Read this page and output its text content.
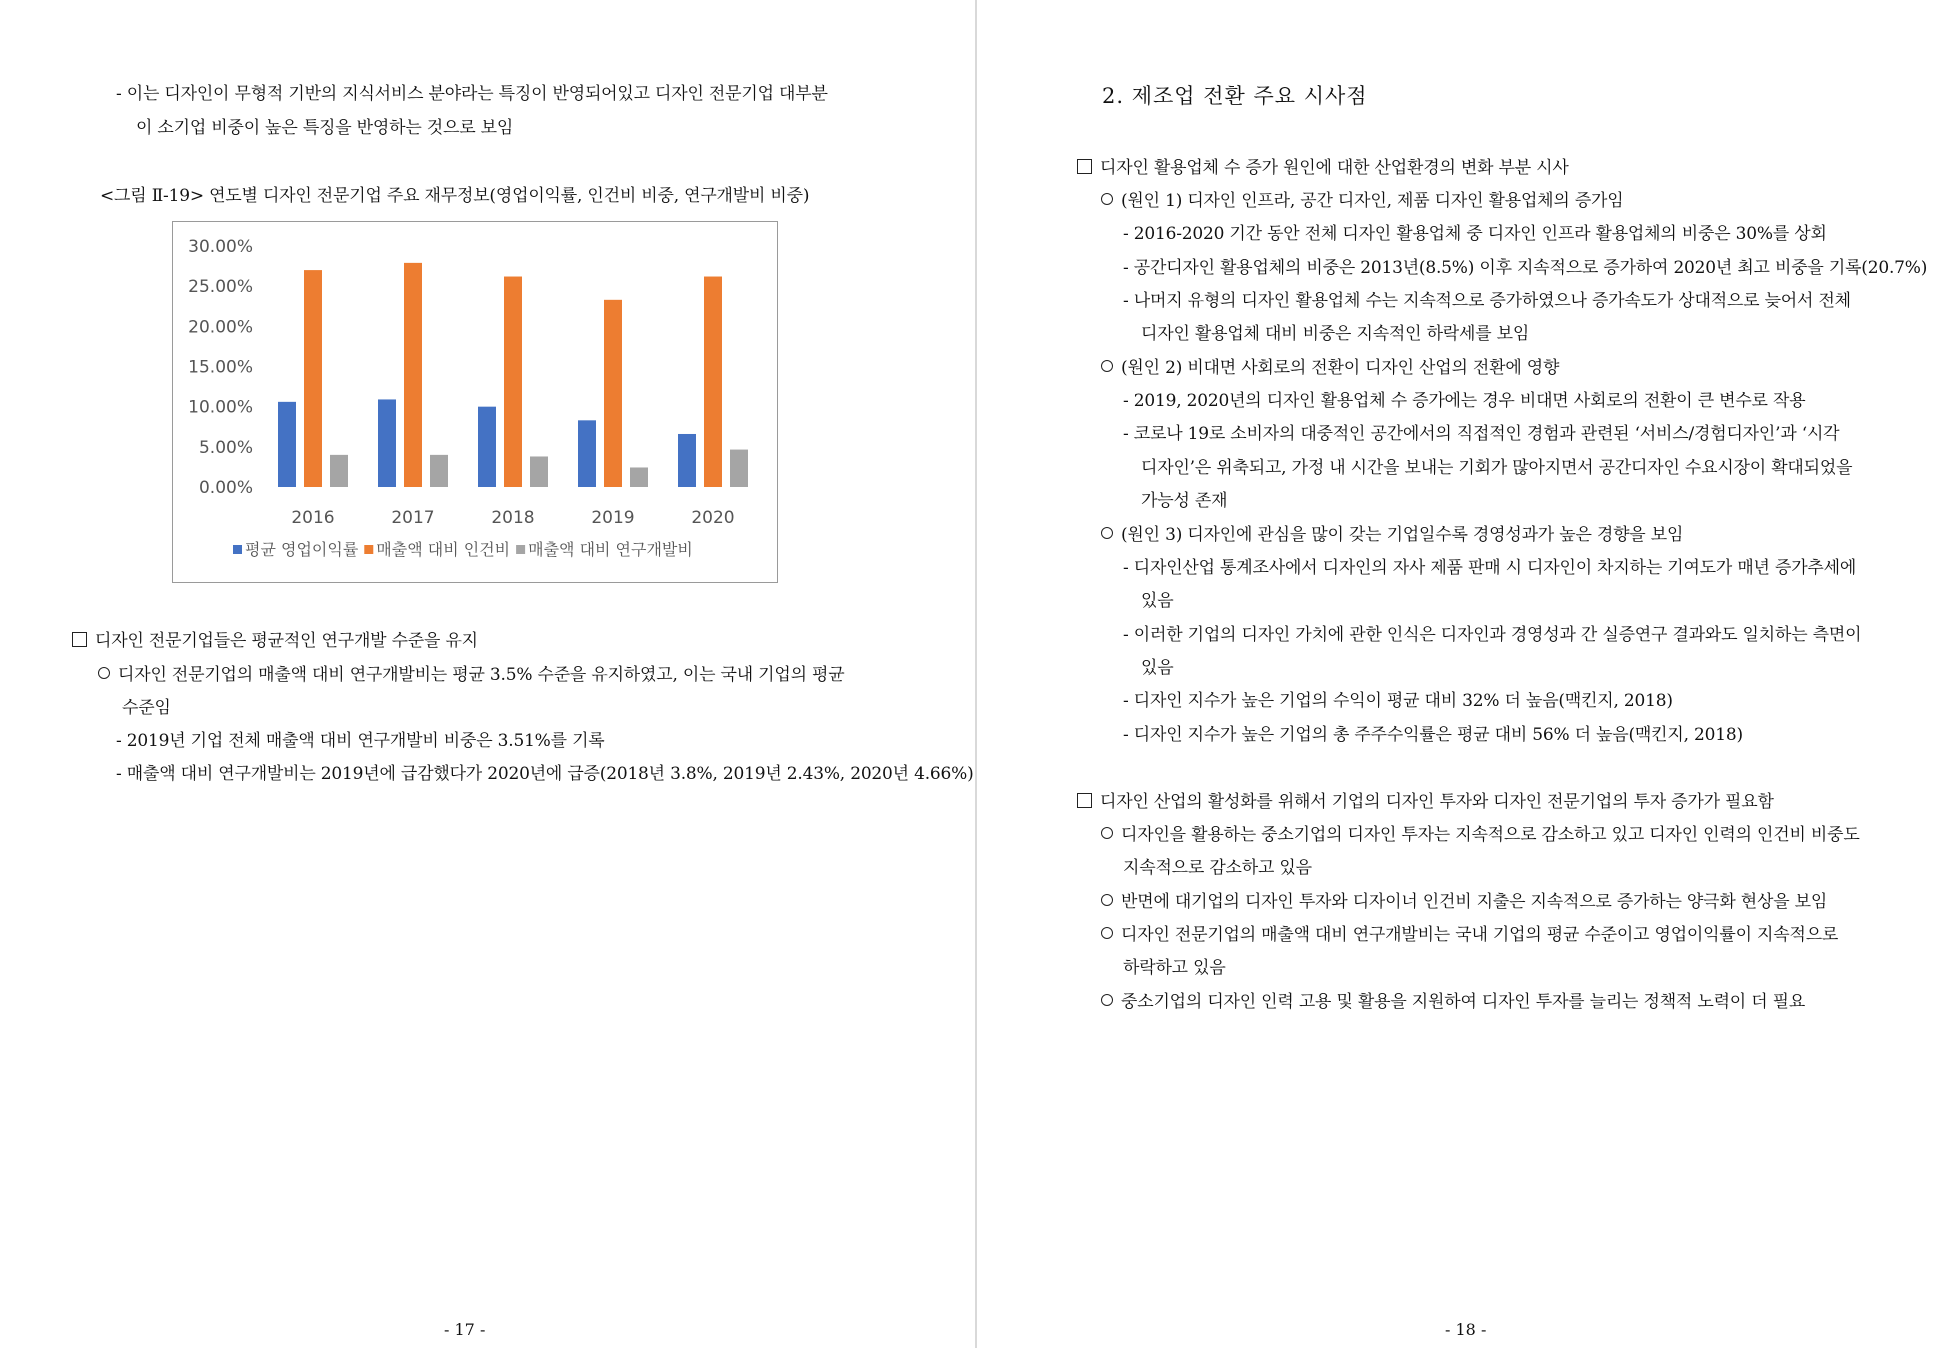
- 이는 디자인이 무형적 기반의 지식서비스 분야라는 특징이 반영되어있고 디자인 전문기업 대부분
이 소기업 비중이 높은 특징을 반영하는 것으로 보임
<그림 Ⅱ-19> 연도별 디자인 전문기업 주요 재무정보(영업이익률, 인건비 비중, 연구개발비 비중)
0.00%
5.00%
10.00%
15.00%
20.00%
25.00%
30.00%
2016	2017	2018	2019	2020
평균 영업이익률 매출액 대비 인건비 매출액 대비 연구개발비
디자인 전문기업들은 평균적인 연구개발 수준을 유지
디자인 전문기업의 매출액 대비 연구개발비는 평균 3.5% 수준을 유지하였고, 이는 국내 기업의 평균
수준임
- 2019년 기업 전체 매출액 대비 연구개발비 비중은 3.51%를 기록
- 매출액 대비 연구개발비는 2019년에 급감했다가 2020년에 급증(2018년 3.8%, 2019년 2.43%, 2020년 4.66%)
- 17 -
2. 제조업 전환 주요 시사점
디자인 활용업체 수 증가 원인에 대한 산업환경의 변화 부분 시사
(원인 1) 디자인 인프라, 공간 디자인, 제품 디자인 활용업체의 증가임
- 2016-2020 기간 동안 전체 디자인 활용업체 중 디자인 인프라 활용업체의 비중은 30%를 상회
- 공간디자인 활용업체의 비중은 2013년(8.5%) 이후 지속적으로 증가하여 2020년 최고 비중을 기록(20.7%)
- 나머지 유형의 디자인 활용업체 수는 지속적으로 증가하였으나 증가속도가 상대적으로 늦어서 전체
디자인 활용업체 대비 비중은 지속적인 하락세를 보임
(원인 2) 비대면 사회로의 전환이 디자인 산업의 전환에 영향
- 2019, 2020년의 디자인 활용업체 수 증가에는 경우 비대면 사회로의 전환이 큰 변수로 작용
- 코로나 19로 소비자의 대중적인 공간에서의 직접적인 경험과 관련된 ‘서비스/경험디자인’과 ‘시각
디자인’은 위축되고, 가정 내 시간을 보내는 기회가 많아지면서 공간디자인 수요시장이 확대되었을
가능성 존재
(원인 3) 디자인에 관심을 많이 갖는 기업일수록 경영성과가 높은 경향을 보임
- 디자인산업 통계조사에서 디자인의 자사 제품 판매 시 디자인이 차지하는 기여도가 매년 증가추세에
있음
- 이러한 기업의 디자인 가치에 관한 인식은 디자인과 경영성과 간 실증연구 결과와도 일치하는 측면이
있음
- 디자인 지수가 높은 기업의 수익이 평균 대비 32% 더 높음(맥킨지, 2018)
- 디자인 지수가 높은 기업의 총 주주수익률은 평균 대비 56% 더 높음(맥킨지, 2018)
디자인 산업의 활성화를 위해서 기업의 디자인 투자와 디자인 전문기업의 투자 증가가 필요함
디자인을 활용하는 중소기업의 디자인 투자는 지속적으로 감소하고 있고 디자인 인력의 인건비 비중도
지속적으로 감소하고 있음
반면에 대기업의 디자인 투자와 디자이너 인건비 지출은 지속적으로 증가하는 양극화 현상을 보임
디자인 전문기업의 매출액 대비 연구개발비는 국내 기업의 평균 수준이고 영업이익률이 지속적으로
하락하고 있음
중소기업의 디자인 인력 고용 및 활용을 지원하여 디자인 투자를 늘리는 정책적 노력이 더 필요
- 18 -
